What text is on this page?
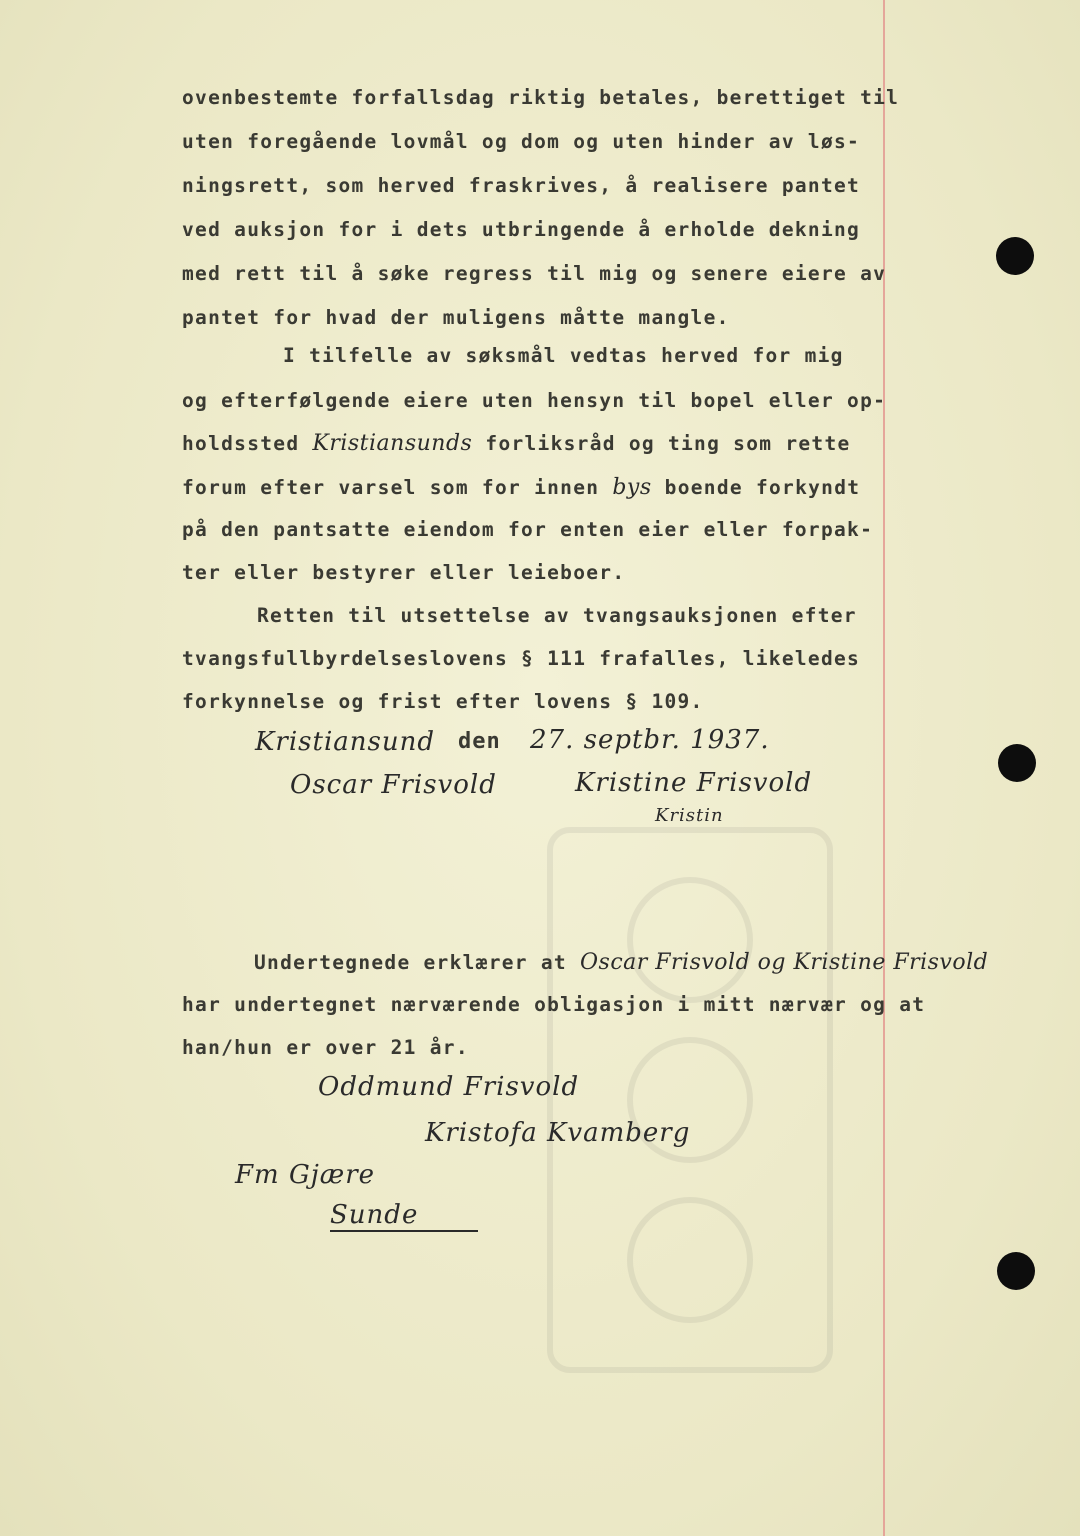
ovenbestemte forfallsdag riktig betales, berettiget til
uten foregående lovmål og dom og uten hinder av løs-
ningsrett, som herved fraskrives, å realisere pantet
ved auksjon for i dets utbringende å erholde dekning
med rett til å søke regress til mig og senere eiere av
pantet for hvad der muligens måtte mangle.
I tilfelle av søksmål vedtas herved for mig
og efterfølgende eiere uten hensyn til bopel eller op-
holdssted Kristiansunds forliksråd og ting som rette
forum efter varsel som for innen bys boende forkyndt
på den pantsatte eiendom for enten eier eller forpak-
ter eller bestyrer eller leieboer.
Retten til utsettelse av tvangsauksjonen efter
tvangsfullbyrdelseslovens § 111 frafalles, likeledes
forkynnelse og frist efter lovens § 109.
Kristiansund den 27. septbr. 1937.
Oscar Frisvold	Kristine Frisvold
Kristin
Undertegnede erklærer at Oscar Frisvold og Kristine Frisvold
har undertegnet nærværende obligasjon i mitt nærvær og at
han/hun er over 21 år.
Oddmund Frisvold
Kristofa Kvamberg
Fm Gjære
Sunde
